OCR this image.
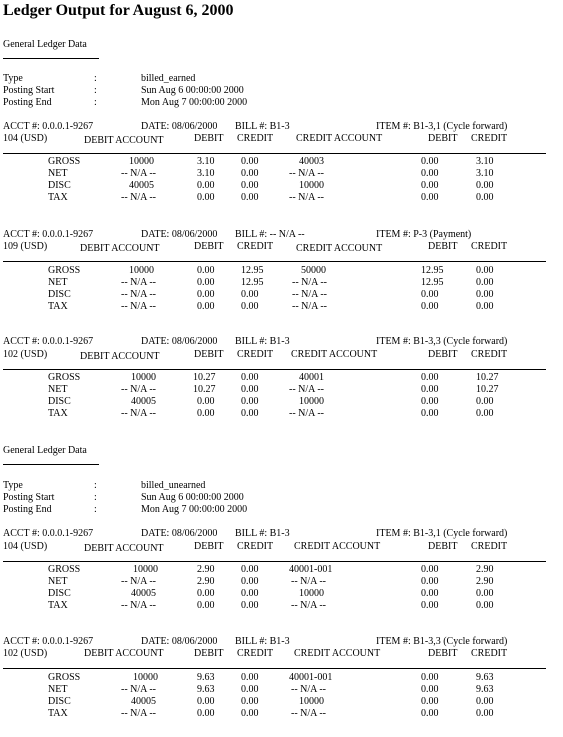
Ledger Output for August 6, 2000
General Ledger Data
Type	:	billed_earned
Posting Start	:	Sun Aug 6 00:00:00 2000
Posting End	:	Mon Aug 7 00:00:00 2000
ACCT #: 0.0.0.1-9267	DATE: 08/06/2000 BILL #: B1-3	ITEM #: B1-3,1 (Cycle forward)
104 (USD)	DEBIT ACCOUNT	DEBIT CREDIT CREDIT ACCOUNT	DEBIT CREDIT
GROSS	10000	3.10	0.00	40003	0.00	3.10
NET	-- N/A --	3.10	0.00	-- N/A --	0.00	3.10
DISC	40005	0.00	0.00	10000	0.00	0.00
TAX	-- N/A --	0.00	0.00	-- N/A --	0.00	0.00
ACCT #: 0.0.0.1-9267	DATE: 08/06/2000 BILL #: -- N/A --	ITEM #: P-3 (Payment)
109 (USD)	DEBIT ACCOUNT	DEBIT CREDIT CREDIT ACCOUNT	DEBIT CREDIT
GROSS	10000	0.00	12.95	50000	12.95	0.00
NET	-- N/A --	0.00	12.95	-- N/A --	12.95	0.00
DISC	-- N/A --	0.00	0.00	-- N/A --	0.00	0.00
TAX	-- N/A --	0.00	0.00	-- N/A --	0.00	0.00
ACCT #: 0.0.0.1-9267	DATE: 08/06/2000 BILL #: B1-3	ITEM #: B1-3,3 (Cycle forward)
102 (USD)	DEBIT ACCOUNT	DEBIT CREDIT CREDIT ACCOUNT	DEBIT CREDIT
GROSS	10000	10.27	0.00	40001	0.00	10.27
NET	-- N/A --	10.27	0.00	-- N/A --	0.00	10.27
DISC	40005	0.00	0.00	10000	0.00	0.00
TAX	-- N/A --	0.00	0.00	-- N/A --	0.00	0.00
General Ledger Data
Type	:	billed_unearned
Posting Start	:	Sun Aug 6 00:00:00 2000
Posting End	:	Mon Aug 7 00:00:00 2000
ACCT #: 0.0.0.1-9267	DATE: 08/06/2000 BILL #: B1-3	ITEM #: B1-3,1 (Cycle forward)
104 (USD)	DEBIT ACCOUNT	DEBIT CREDIT CREDIT ACCOUNT	DEBIT CREDIT
GROSS	10000	2.90	0.00	40001-001	0.00	2.90
NET	-- N/A --	2.90	0.00	-- N/A --	0.00	2.90
DISC	40005	0.00	0.00	10000	0.00	0.00
TAX	-- N/A --	0.00	0.00	-- N/A --	0.00	0.00
ACCT #: 0.0.0.1-9267	DATE: 08/06/2000 BILL #: B1-3	ITEM #: B1-3,3 (Cycle forward)
102 (USD)	DEBIT ACCOUNT	DEBIT CREDIT CREDIT ACCOUNT	DEBIT CREDIT
GROSS	10000	9.63	0.00	40001-001	0.00	9.63
NET	-- N/A --	9.63	0.00	-- N/A --	0.00	9.63
DISC	40005	0.00	0.00	10000	0.00	0.00
TAX	-- N/A --	0.00	0.00	-- N/A --	0.00	0.00
